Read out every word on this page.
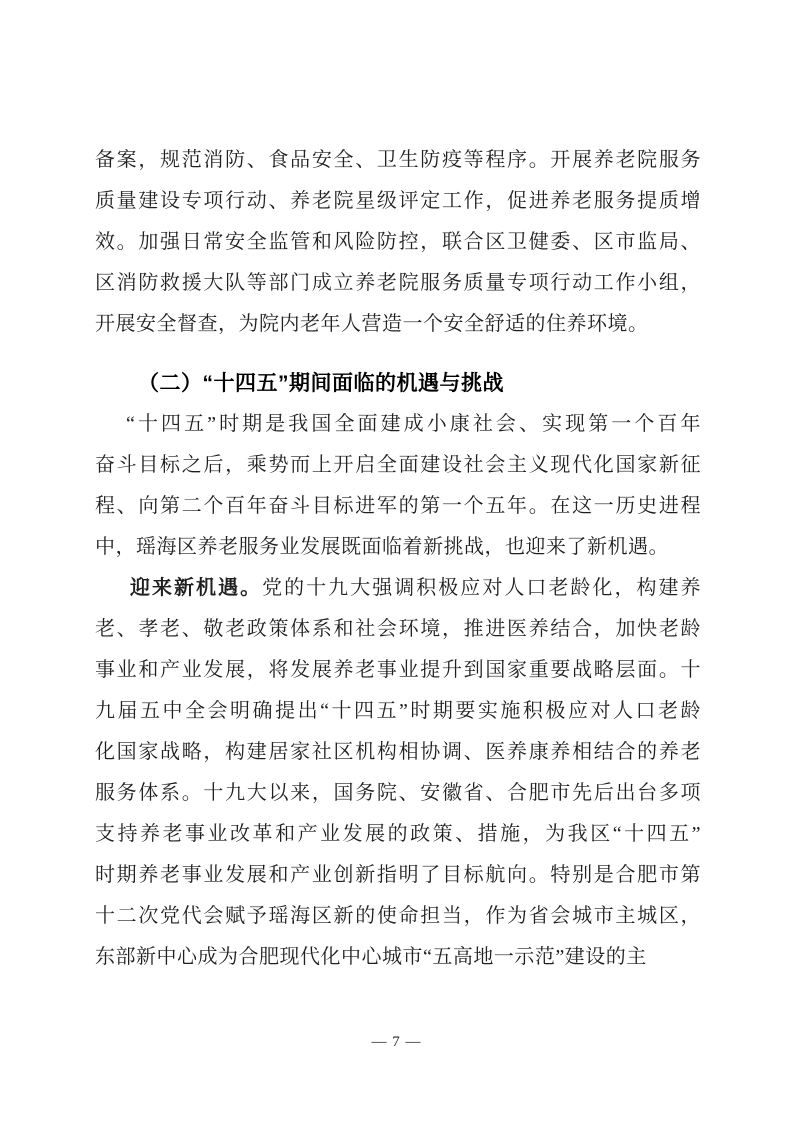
备案，规范消防、食品安全、卫生防疫等程序。开展养老院服务
质量建设专项行动、养老院星级评定工作，促进养老服务提质增
效。加强日常安全监管和风险防控，联合区卫健委、区市监局、
区消防救援大队等部门成立养老院服务质量专项行动工作小组，
开展安全督查，为院内老年人营造一个安全舒适的住养环境。
（二）“十四五”期间面临的机遇与挑战
“十四五”时期是我国全面建成小康社会、实现第一个百年
奋斗目标之后，乘势而上开启全面建设社会主义现代化国家新征
程、向第二个百年奋斗目标进军的第一个五年。在这一历史进程
中，瑶海区养老服务业发展既面临着新挑战，也迎来了新机遇。
迎来新机遇。党的十九大强调积极应对人口老龄化，构建养
老、孝老、敬老政策体系和社会环境，推进医养结合，加快老龄
事业和产业发展，将发展养老事业提升到国家重要战略层面。十
九届五中全会明确提出“十四五”时期要实施积极应对人口老龄
化国家战略，构建居家社区机构相协调、医养康养相结合的养老
服务体系。十九大以来，国务院、安徽省、合肥市先后出台多项
支持养老事业改革和产业发展的政策、措施，为我区“十四五”
时期养老事业发展和产业创新指明了目标航向。特别是合肥市第
十二次党代会赋予瑶海区新的使命担当，作为省会城市主城区，
东部新中心成为合肥现代化中心城市“五高地一示范”建设的主
— 7 —
